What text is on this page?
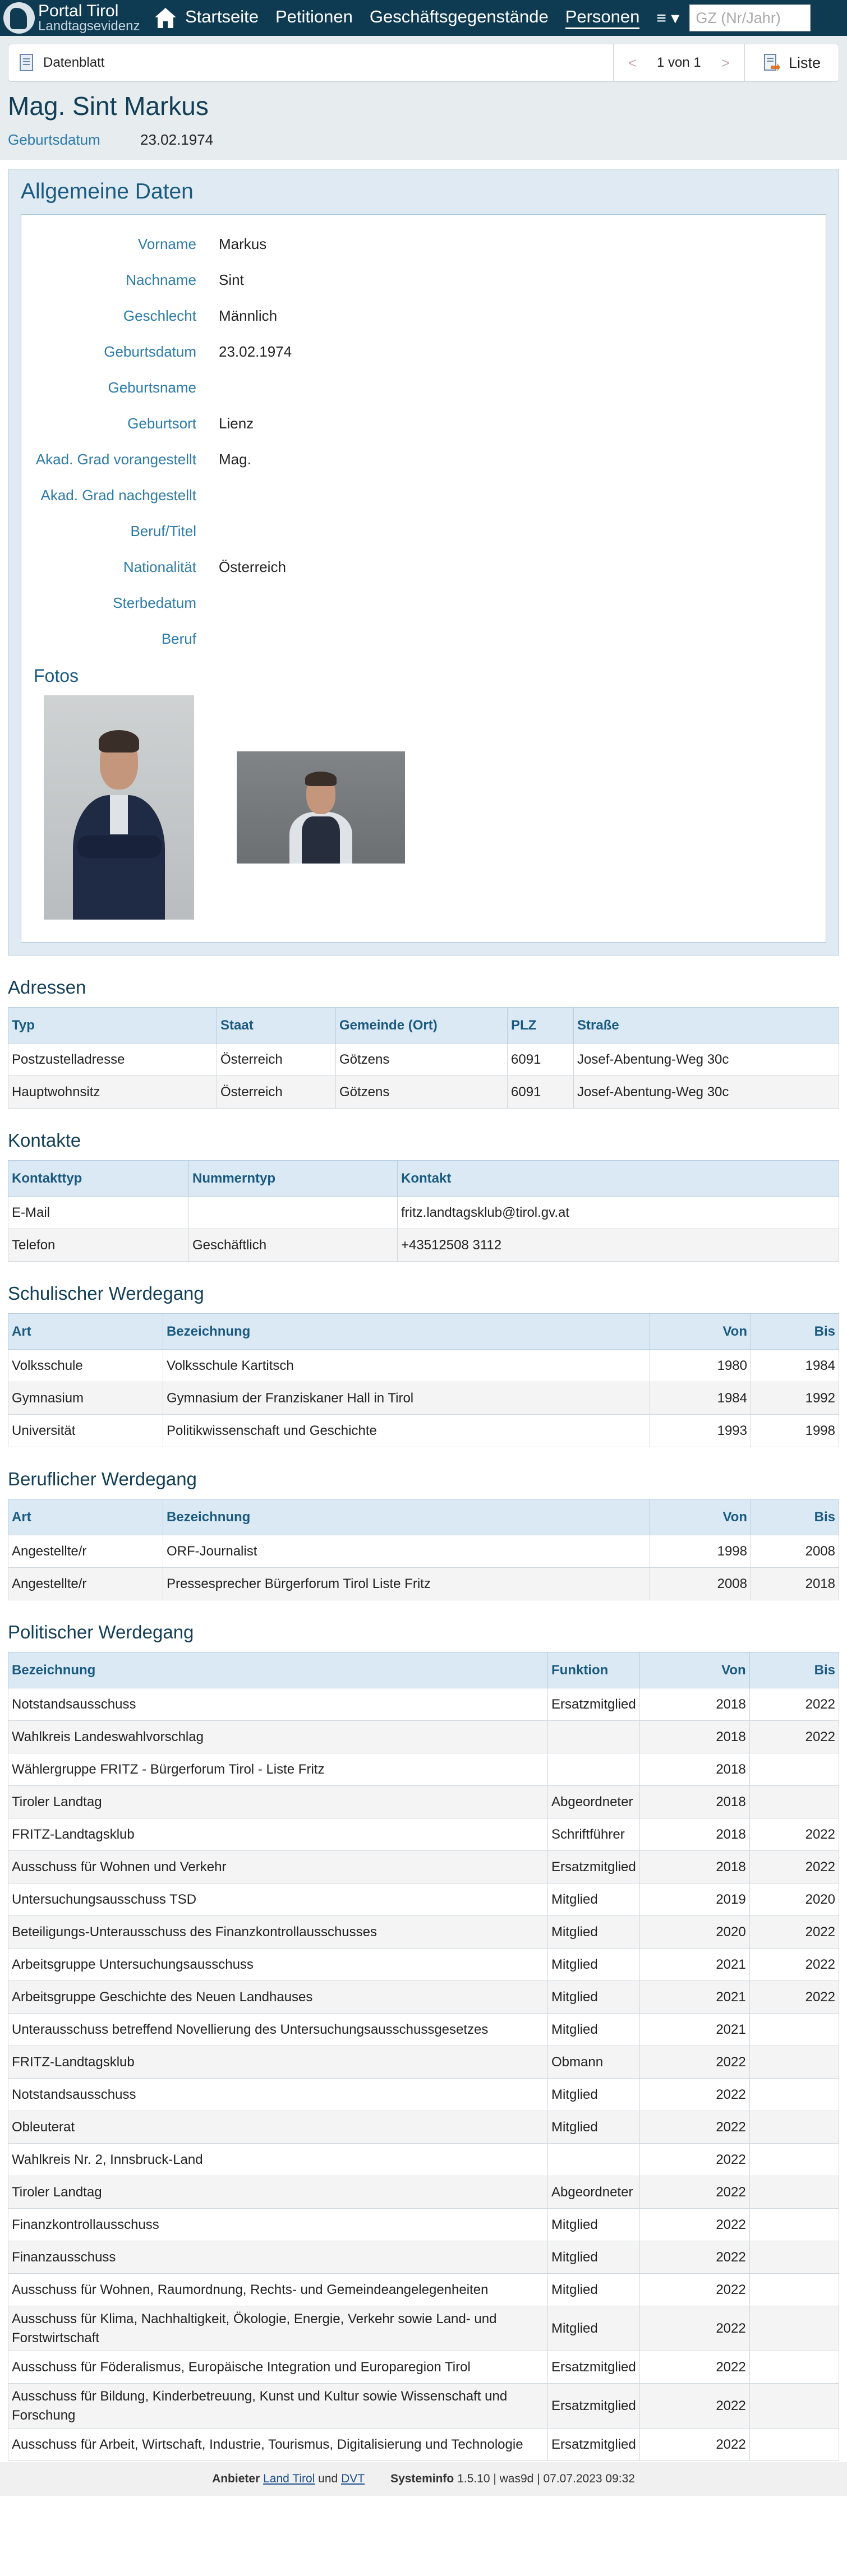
Portal Tirol
Landtagsevidenz	Startseite Petitionen Geschäftsgegenstände Personen ≡ ▾
GZ (Nr/Jahr)
Datenblatt	<	1 von 1	>	Liste
Mag. Sint Markus
Geburtsdatum	23.02.1974
Allgemeine Daten
Vorname	Markus
Nachname	Sint
Geschlecht	Männlich
Geburtsdatum	23.02.1974
Geburtsname
Geburtsort	Lienz
Akad. Grad vorangestellt	Mag.
Akad. Grad nachgestellt
Beruf/Titel
Nationalität	Österreich
Sterbedatum
Beruf
Fotos
Adressen
Typ	Staat	Gemeinde (Ort)	PLZ	Straße
Postzustelladresse	Österreich	Götzens	6091	Josef-Abentung-Weg 30c
Hauptwohnsitz	Österreich	Götzens	6091	Josef-Abentung-Weg 30c
Kontakte
Kontakttyp	Nummerntyp	Kontakt
E-Mail		fritz.landtagsklub@tirol.gv.at
Telefon	Geschäftlich	+43512508 3112
Schulischer Werdegang
Art	Bezeichnung	Von	Bis
Volksschule	Volksschule Kartitsch	1980	1984
Gymnasium	Gymnasium der Franziskaner Hall in Tirol	1984	1992
Universität	Politikwissenschaft und Geschichte	1993	1998
Beruflicher Werdegang
Art	Bezeichnung	Von	Bis
Angestellte/r	ORF-Journalist	1998	2008
Angestellte/r	Pressesprecher Bürgerforum Tirol Liste Fritz	2008	2018
Politischer Werdegang
Bezeichnung	Funktion	Von	Bis
Notstandsausschuss	Ersatzmitglied	2018	2022
Wahlkreis Landeswahlvorschlag		2018	2022
Wählergruppe FRITZ - Bürgerforum Tirol - Liste Fritz		2018	
Tiroler Landtag	Abgeordneter	2018	
FRITZ-Landtagsklub	Schriftführer	2018	2022
Ausschuss für Wohnen und Verkehr	Ersatzmitglied	2018	2022
Untersuchungsausschuss TSD	Mitglied	2019	2020
Beteiligungs-Unterausschuss des Finanzkontrollausschusses	Mitglied	2020	2022
Arbeitsgruppe Untersuchungsausschuss	Mitglied	2021	2022
Arbeitsgruppe Geschichte des Neuen Landhauses	Mitglied	2021	2022
Unterausschuss betreffend Novellierung des Untersuchungsausschussgesetzes	Mitglied	2021	
FRITZ-Landtagsklub	Obmann	2022	
Notstandsausschuss	Mitglied	2022	
Obleuterat	Mitglied	2022	
Wahlkreis Nr. 2, Innsbruck-Land		2022	
Tiroler Landtag	Abgeordneter	2022	
Finanzkontrollausschuss	Mitglied	2022	
Finanzausschuss	Mitglied	2022	
Ausschuss für Wohnen, Raumordnung, Rechts- und Gemeindeangelegenheiten	Mitglied	2022	
Ausschuss für Klima, Nachhaltigkeit, Ökologie, Energie, Verkehr sowie Land- und Forstwirtschaft	Mitglied	2022	
Ausschuss für Föderalismus, Europäische Integration und Europaregion Tirol	Ersatzmitglied	2022	
Ausschuss für Bildung, Kinderbetreuung, Kunst und Kultur sowie Wissenschaft und Forschung	Ersatzmitglied	2022	
Ausschuss für Arbeit, Wirtschaft, Industrie, Tourismus, Digitalisierung und Technologie	Ersatzmitglied	2022	
Anbieter
Land Tirol
und
DVT Systeminfo
1.5.10 | was9d | 07.07.2023 09:32
